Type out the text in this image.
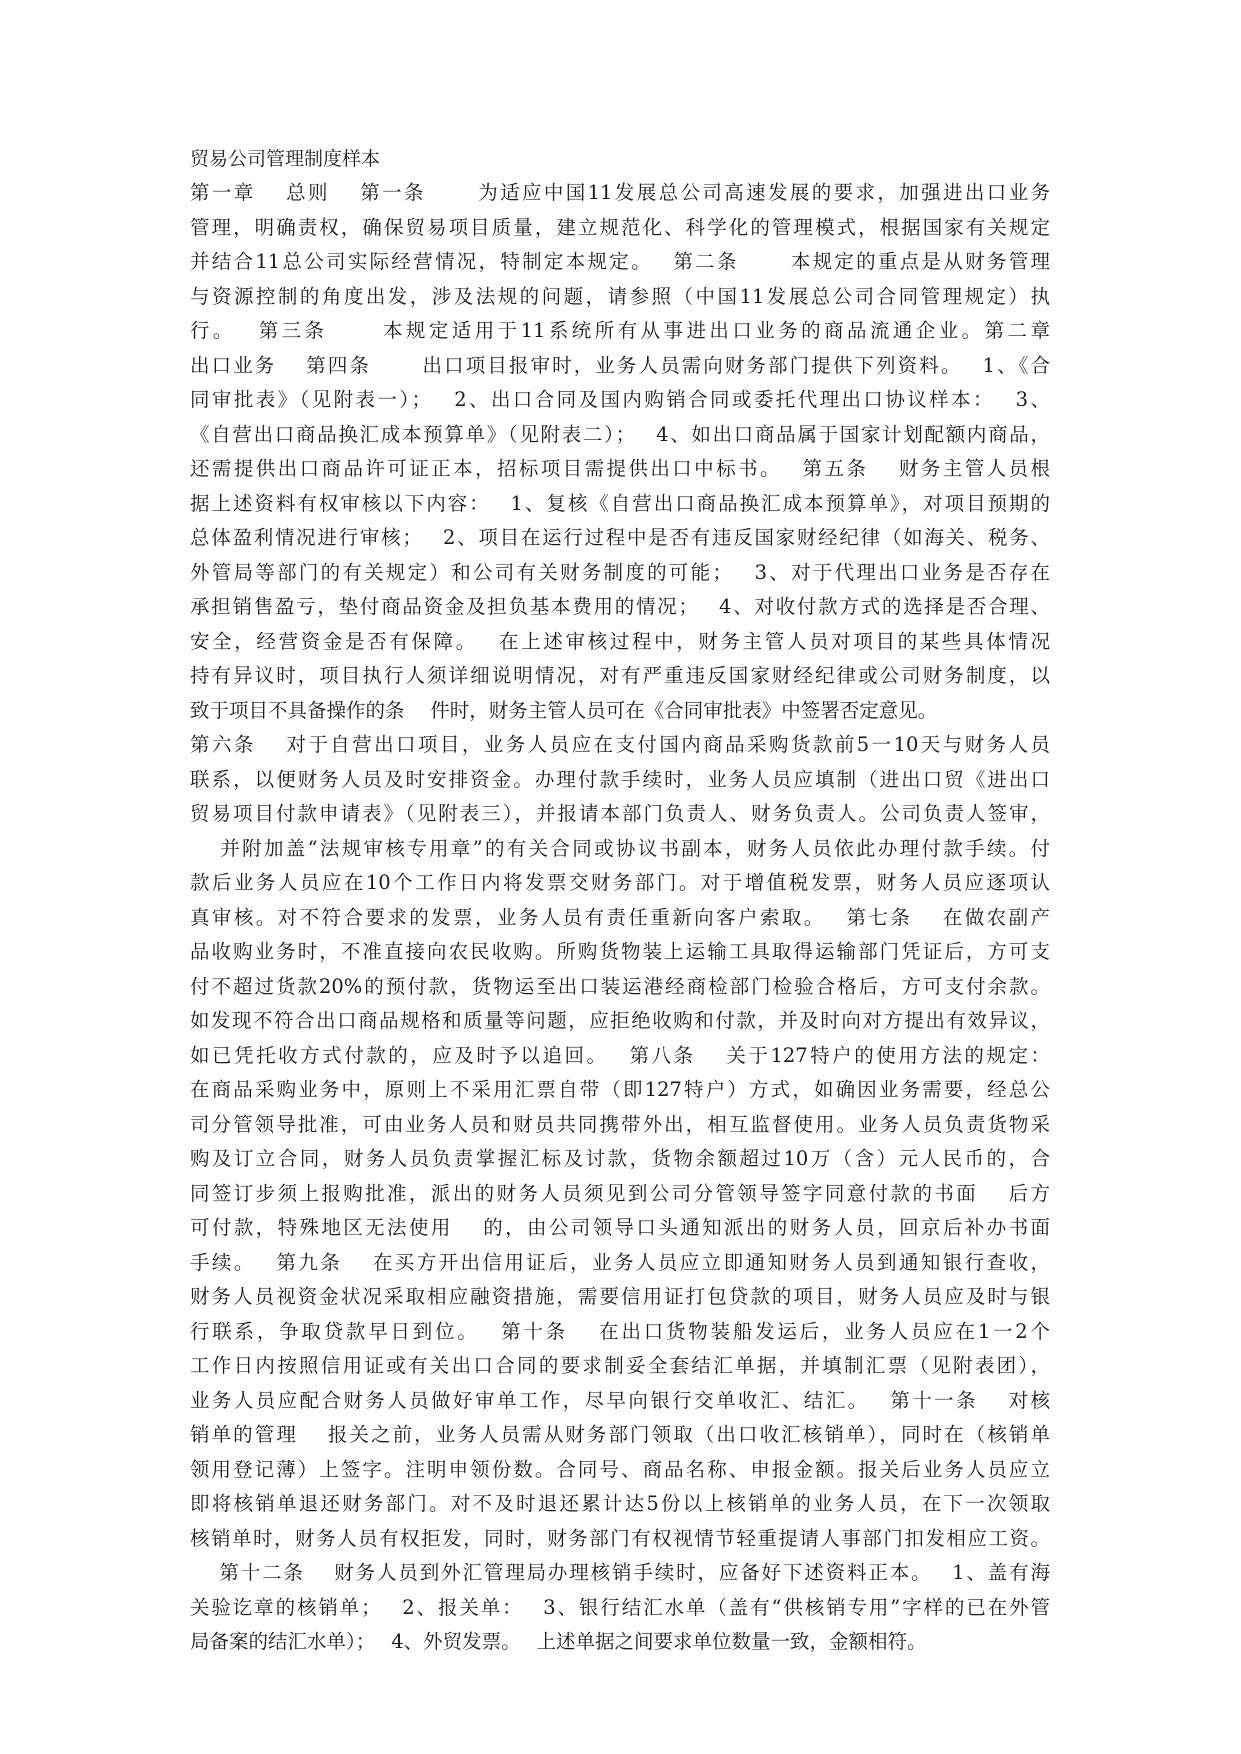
贸易公司管理制度样本
第一章　 总则　 第一条　　 为适应中国11发展总公司高速发展的要求，加强进出口业务
管理，明确责权，确保贸易项目质量，建立规范化、科学化的管理模式，根据国家有关规定
并结合11总公司实际经营情况，特制定本规定。　 第二条　　 本规定的重点是从财务管理
与资源控制的角度出发，涉及法规的问题，请参照（中国11发展总公司合同管理规定）执
行。　 第三条　　 本规定适用于11系统所有从事进出口业务的商品流通企业。第二章
出口业务　 第四条　　 出口项目报审时，业务人员需向财务部门提供下列资料。　 1、《合
同审批表》（见附表一）；　 2、出口合同及国内购销合同或委托代理出口协议样本：　 3、
《自营出口商品换汇成本预算单》（见附表二）；　 4、如出口商品属于国家计划配额内商品，
还需提供出口商品许可证正本，招标项目需提供出口中标书。　 第五条　 财务主管人员根
据上述资料有权审核以下内容：　 1、复核《自营出口商品换汇成本预算单》，对项目预期的
总体盈利情况进行审核；　 2、项目在运行过程中是否有违反国家财经纪律（如海关、税务、
外管局等部门的有关规定）和公司有关财务制度的可能；　 3、对于代理出口业务是否存在
承担销售盈亏，垫付商品资金及担负基本费用的情况；　 4、对收付款方式的选择是否合理、
安全，经营资金是否有保障。　 在上述审核过程中，财务主管人员对项目的某些具体情况
持有异议时，项目执行人须详细说明情况，对有严重违反国家财经纪律或公司财务制度，以
致于项目不具备操作的条　 件时，财务主管人员可在《合同审批表》中签署否定意见。
第六条　 对于自营出口项目，业务人员应在支付国内商品采购货款前5一10天与财务人员
联系，以便财务人员及时安排资金。办理付款手续时，业务人员应填制（进出口贸《进出口
贸易项目付款申请表》（见附表三），并报请本部门负责人、财务负责人。公司负责人签审，
　 并附加盖“法规审核专用章”的有关合同或协议书副本，财务人员依此办理付款手续。付
款后业务人员应在10个工作日内将发票交财务部门。对于增值税发票，财务人员应逐项认
真审核。对不符合要求的发票，业务人员有责任重新向客户索取。　 第七条　 在做农副产
品收购业务时，不准直接向农民收购。所购货物装上运输工具取得运输部门凭证后，方可支
付不超过货款20%的预付款，货物运至出口装运港经商检部门检验合格后，方可支付余款。
如发现不符合出口商品规格和质量等问题，应拒绝收购和付款，并及时向对方提出有效异议，
如已凭托收方式付款的，应及时予以追回。　 第八条　 关于127特户的使用方法的规定：
在商品采购业务中，原则上不采用汇票自带（即127特户）方式，如确因业务需要，经总公
司分管领导批准，可由业务人员和财员共同携带外出，相互监督使用。业务人员负责货物采
购及订立合同，财务人员负责掌握汇标及讨款，货物余额超过10万（含）元人民币的，合
同签订步须上报购批准，派出的财务人员须见到公司分管领导签字同意付款的书面　 后方
可付款，特殊地区无法使用　 的，由公司领导口头通知派出的财务人员，回京后补办书面
手续。　 第九条　 在买方开出信用证后，业务人员应立即通知财务人员到通知银行查收，
财务人员视资金状况采取相应融资措施，需要信用证打包贷款的项目，财务人员应及时与银
行联系，争取贷款早日到位。　 第十条　 在出口货物装船发运后，业务人员应在1一2个
工作日内按照信用证或有关出口合同的要求制妥全套结汇单据，并填制汇票（见附表团），
业务人员应配合财务人员做好审单工作，尽早向银行交单收汇、结汇。　 第十一条　 对核
销单的管理　 报关之前，业务人员需从财务部门领取（出口收汇核销单），同时在（核销单
领用登记薄）上签字。注明申领份数。合同号、商品名称、申报金额。报关后业务人员应立
即将核销单退还财务部门。对不及时退还累计达5份以上核销单的业务人员，在下一次领取
核销单时，财务人员有权拒发，同时，财务部门有权视情节轻重提请人事部门扣发相应工资。
　 第十二条　 财务人员到外汇管理局办理核销手续时，应备好下述资料正本。　 1、盖有海
关验讫章的核销单；　 2、报关单：　 3、银行结汇水单（盖有“供核销专用”字样的已在外管
局备案的结汇水单）；　 4、外贸发票。　 上述单据之间要求单位数量一致，金额相符。
